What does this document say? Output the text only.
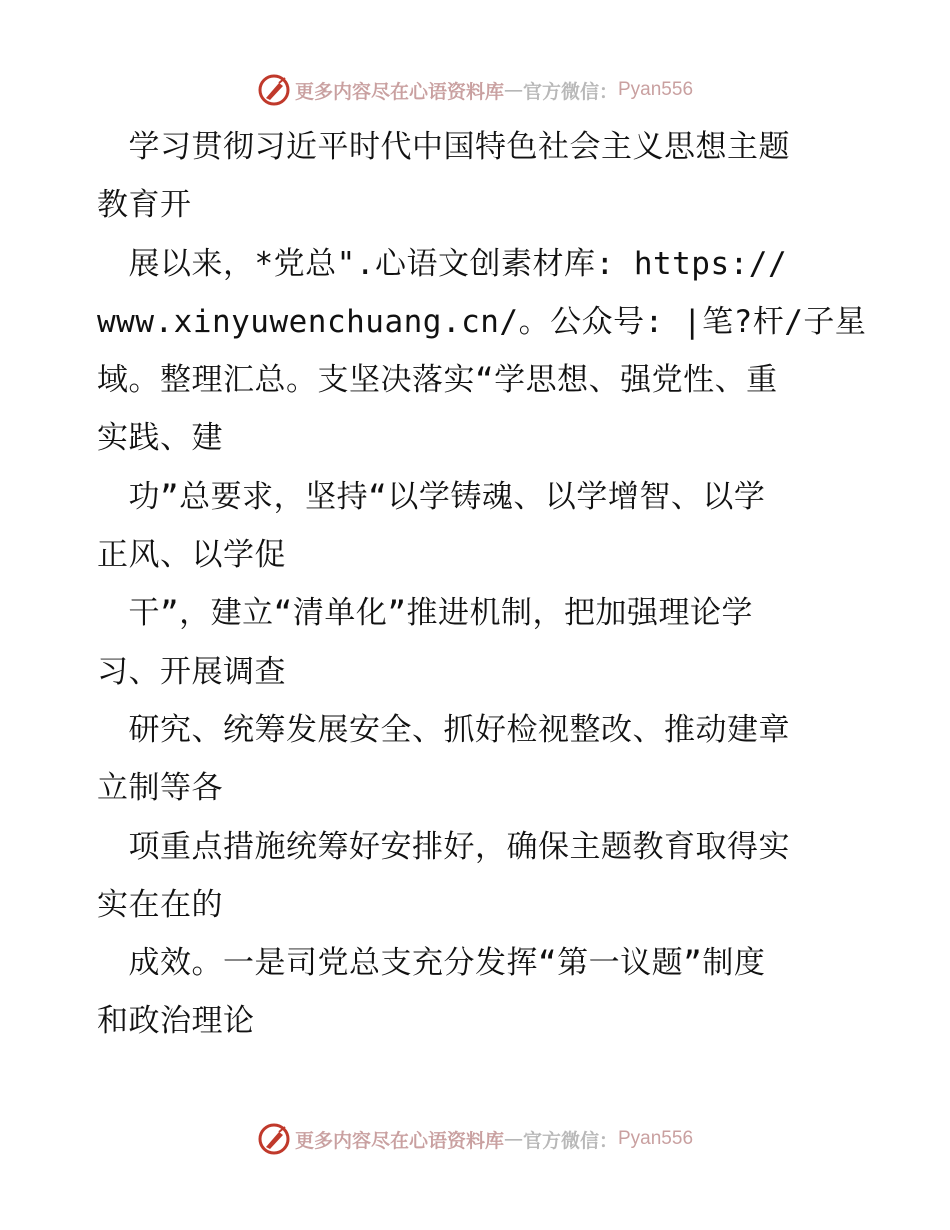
更多内容尽在心语资料库 — 官方微信： Pyan556
　学习贯彻习近平时代中国特色社会主义思想主题
教育开
　展以来，*党总".心语文创素材库: https://
www.xinyuwenchuang.cn/。公众号: |笔?杆/子星
域。整理汇总。支坚决落实“学思想、强党性、重
实践、建
　功”总要求，坚持“以学铸魂、以学增智、以学
正风、以学促
　干”，建立“清单化”推进机制，把加强理论学
习、开展调查
　研究、统筹发展安全、抓好检视整改、推动建章
立制等各
　项重点措施统筹好安排好，确保主题教育取得实
实在在的
　成效。一是司党总支充分发挥“第一议题”制度
和政治理论
更多内容尽在心语资料库 — 官方微信： Pyan556
